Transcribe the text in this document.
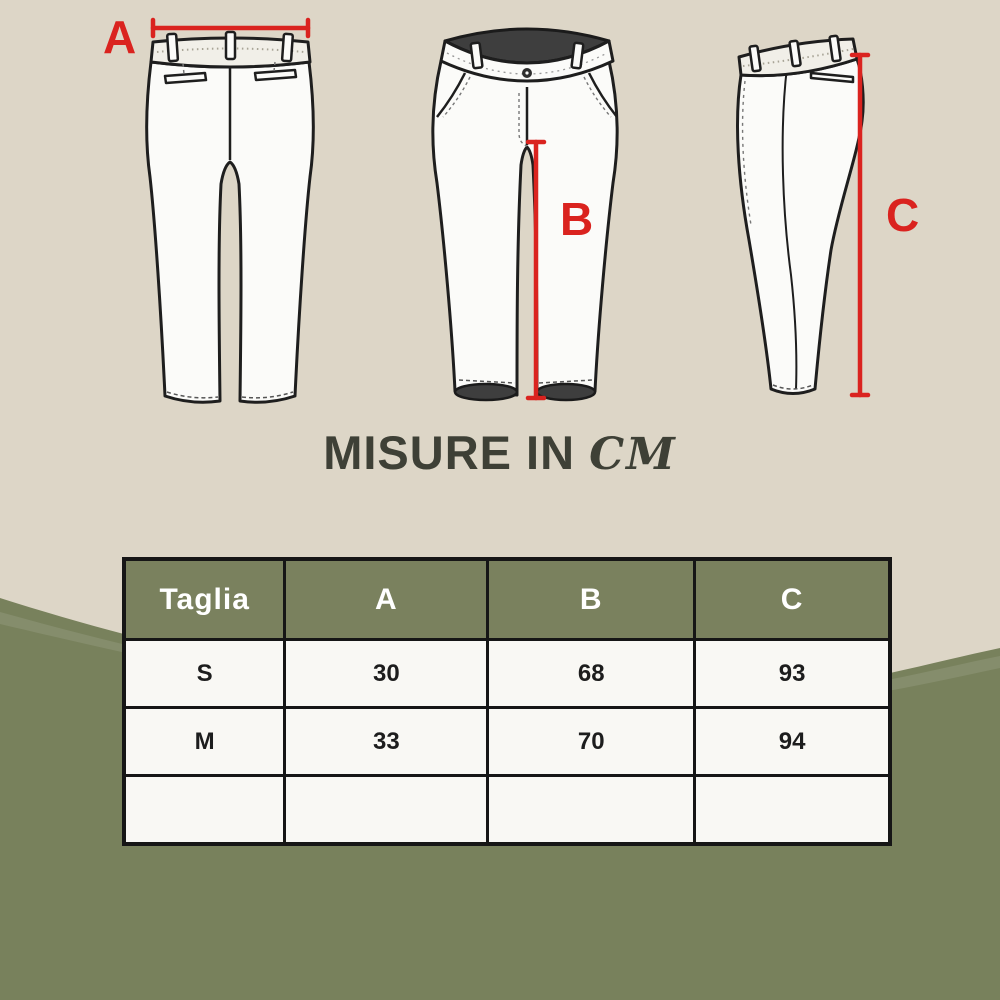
A
B	C
MISURE IN CM
Taglia	A	B	C
S	30	68	93
M	33	70	94
